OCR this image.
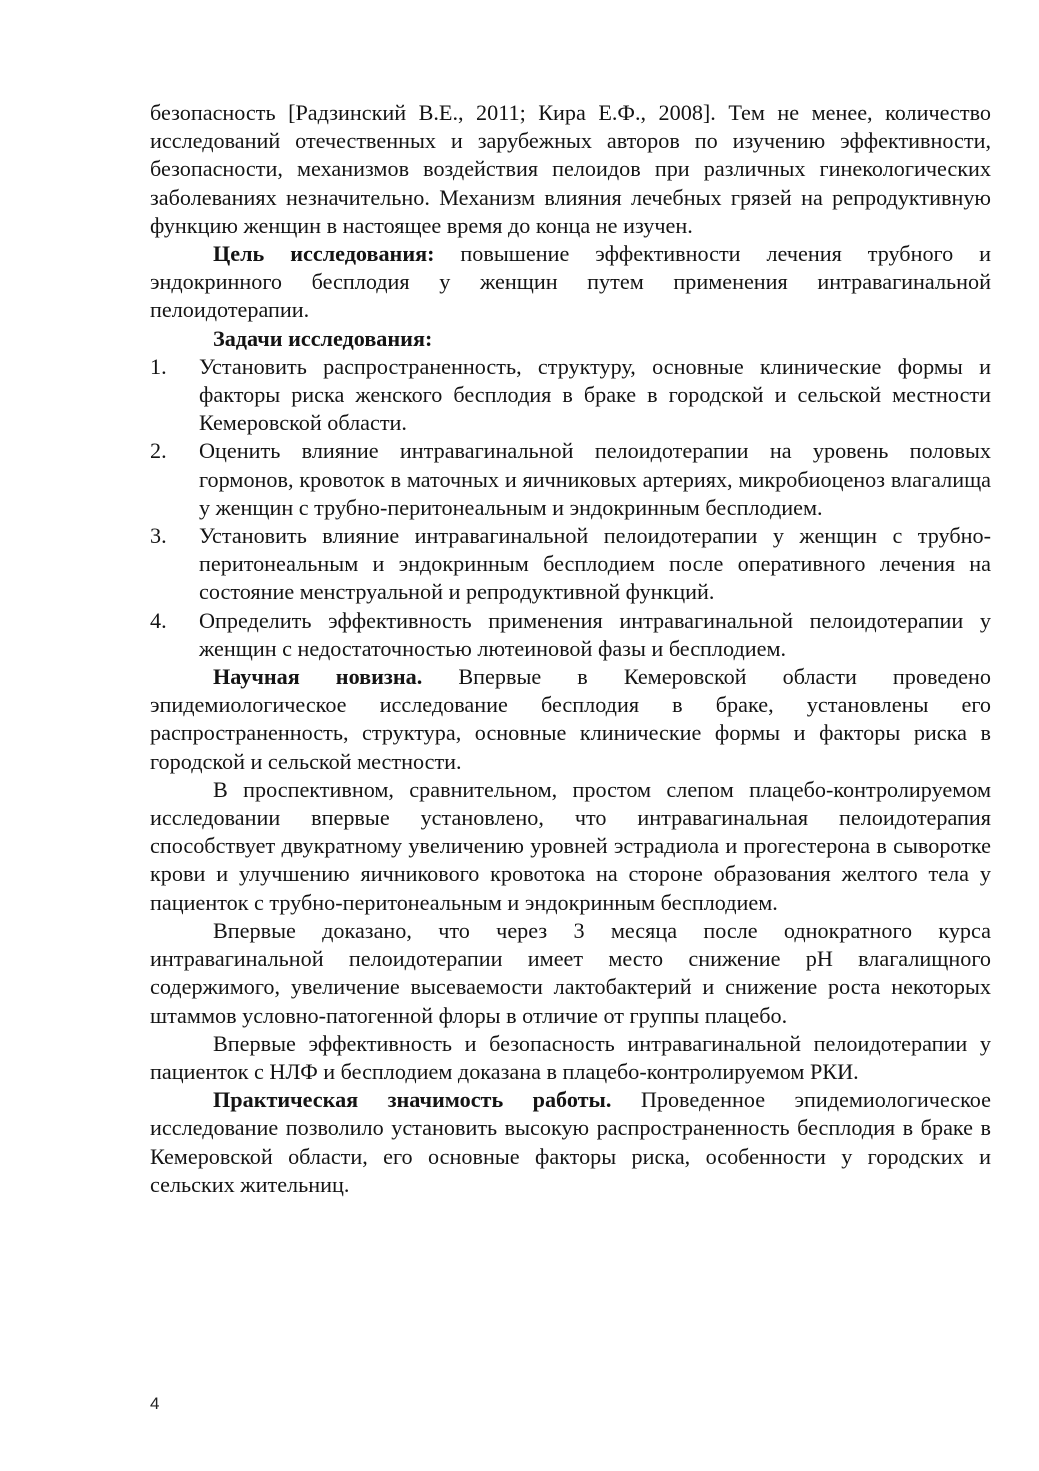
безопасность [Радзинский В.Е., 2011; Кира Е.Ф., 2008]. Тем не менее, количество исследований отечественных и зарубежных авторов по изучению эффективности, безопасности, механизмов воздействия пелоидов при различных гинекологических заболеваниях незначительно. Механизм влияния лечебных грязей на репродуктивную функцию женщин в настоящее время до конца не изучен.

Цель исследования: повышение эффективности лечения трубного и эндокринного бесплодия у женщин путем применения интравагинальной пелоидотерапии.

Задачи исследования:

1.	Установить распространенность, структуру, основные клинические формы и факторы риска женского бесплодия в браке в городской и сельской местности Кемеровской области.
2.	Оценить влияние интравагинальной пелоидотерапии на уровень половых гормонов, кровоток в маточных и яичниковых артериях, микробиоценоз влагалища у женщин с трубно-перитонеальным и эндокринным бесплодием.
3.	Установить влияние интравагинальной пелоидотерапии у женщин с трубно-перитонеальным и эндокринным бесплодием после оперативного лечения на состояние менструальной и репродуктивной функций.
4.	Определить эффективность применения интравагинальной пелоидотерапии у женщин с недостаточностью лютеиновой фазы и бесплодием.

Научная новизна. Впервые в Кемеровской области проведено эпидемиологическое исследование бесплодия в браке, установлены его распространенность, структура, основные клинические формы и факторы риска в городской и сельской местности.

В проспективном, сравнительном, простом слепом плацебо-контролируемом исследовании впервые установлено, что интравагинальная пелоидотерапия способствует двукратному увеличению уровней эстрадиола и прогестерона в сыворотке крови и улучшению яичникового кровотока на стороне образования желтого тела у пациенток с трубно-перитонеальным и эндокринным бесплодием.

Впервые доказано, что через 3 месяца после однократного курса интравагинальной пелоидотерапии имеет место снижение pH влагалищного содержимого, увеличение высеваемости лактобактерий и снижение роста некоторых штаммов условно-патогенной флоры в отличие от группы плацебо.

Впервые эффективность и безопасность интравагинальной пелоидотерапии у пациенток с НЛФ и бесплодием доказана в плацебо-контролируемом РКИ.

Практическая значимость работы. Проведенное эпидемиологическое исследование позволило установить высокую распространенность бесплодия в браке в Кемеровской области, его основные факторы риска, особенности у городских и сельских жительниц.

4
